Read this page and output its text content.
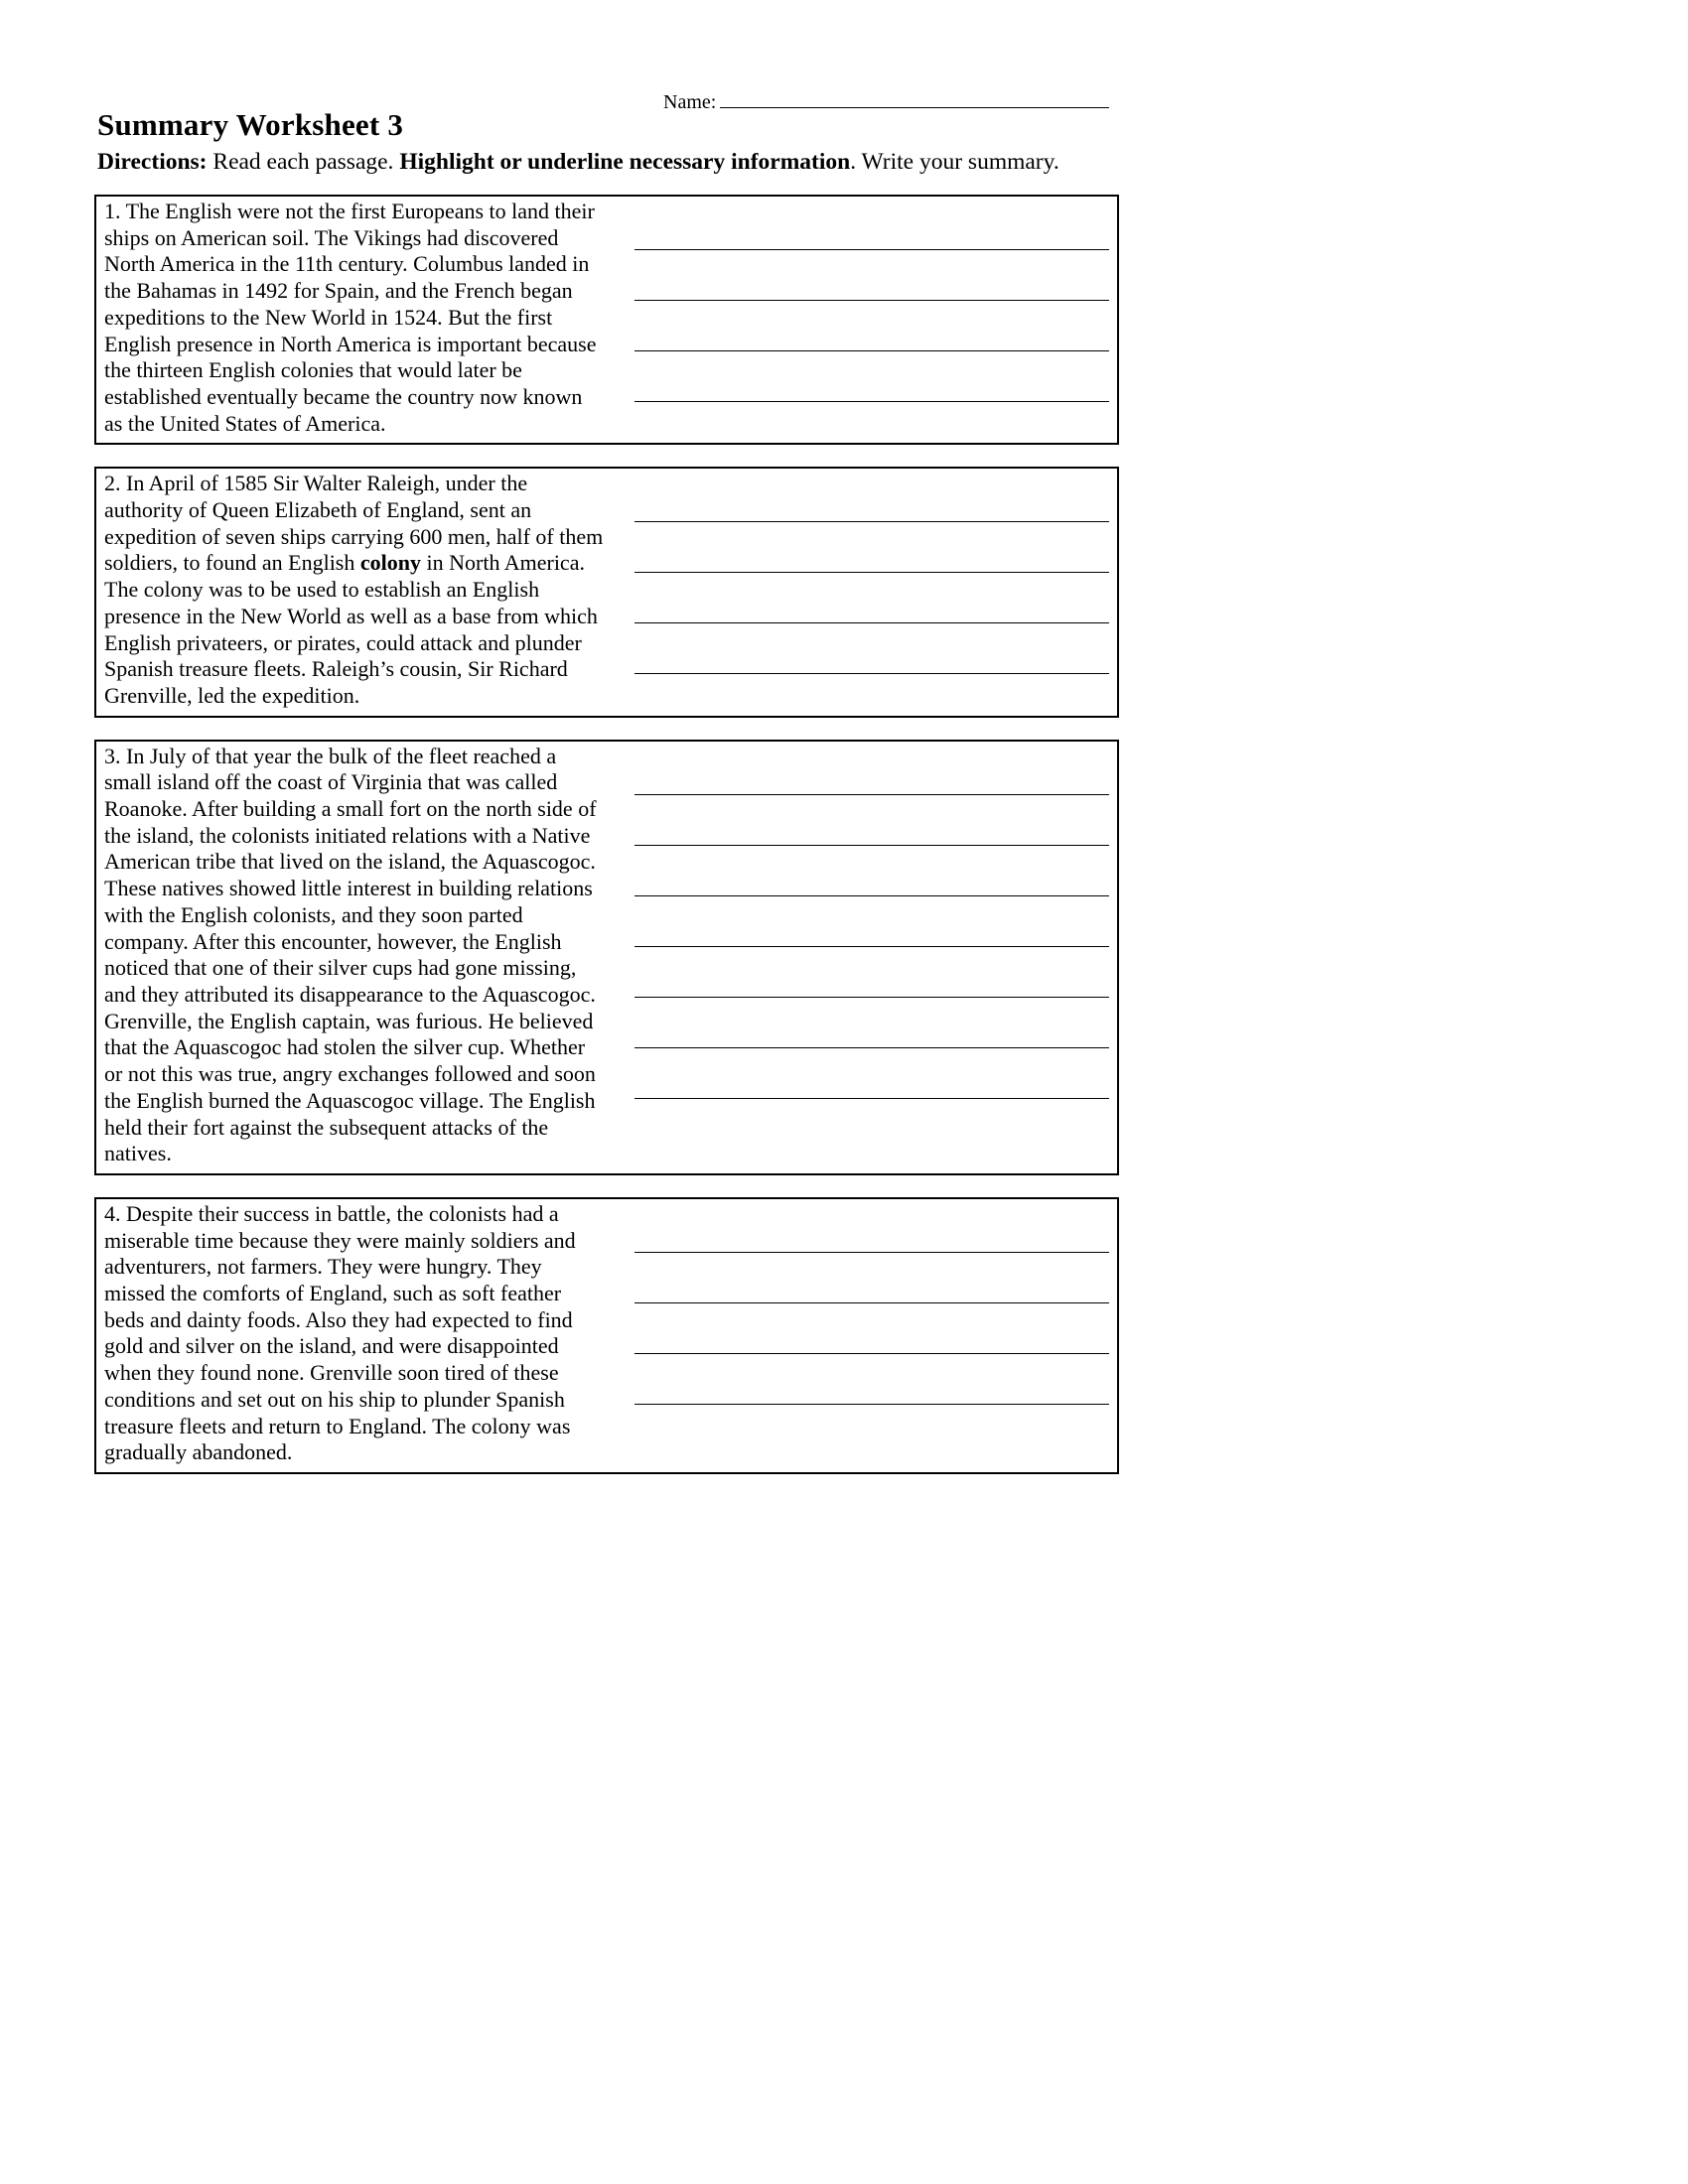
Name:
Summary Worksheet 3

Directions: Read each passage. Highlight or underline necessary information. Write your summary.

1. The English were not the first Europeans to land their ships on American soil. The Vikings had discovered North America in the 11th century. Columbus landed in the Bahamas in 1492 for Spain, and the French began expeditions to the New World in 1524. But the first English presence in North America is important because the thirteen English colonies that would later be established eventually became the country now known as the United States of America.
2. In April of 1585 Sir Walter Raleigh, under the authority of Queen Elizabeth of England, sent an expedition of seven ships carrying 600 men, half of them soldiers, to found an English colony in North America. The colony was to be used to establish an English presence in the New World as well as a base from which English privateers, or pirates, could attack and plunder Spanish treasure fleets. Raleigh’s cousin, Sir Richard Grenville, led the expedition.
3. In July of that year the bulk of the fleet reached a small island off the coast of Virginia that was called Roanoke. After building a small fort on the north side of the island, the colonists initiated relations with a Native American tribe that lived on the island, the Aquascogoc. These natives showed little interest in building relations with the English colonists, and they soon parted company. After this encounter, however, the English noticed that one of their silver cups had gone missing, and they attributed its disappearance to the Aquascogoc. Grenville, the English captain, was furious. He believed that the Aquascogoc had stolen the silver cup. Whether or not this was true, angry exchanges followed and soon the English burned the Aquascogoc village. The English held their fort against the subsequent attacks of the natives.
4. Despite their success in battle, the colonists had a miserable time because they were mainly soldiers and adventurers, not farmers. They were hungry. They missed the comforts of England, such as soft feather beds and dainty foods. Also they had expected to find gold and silver on the island, and were disappointed when they found none. Grenville soon tired of these conditions and set out on his ship to plunder Spanish treasure fleets and return to England. The colony was gradually abandoned.
